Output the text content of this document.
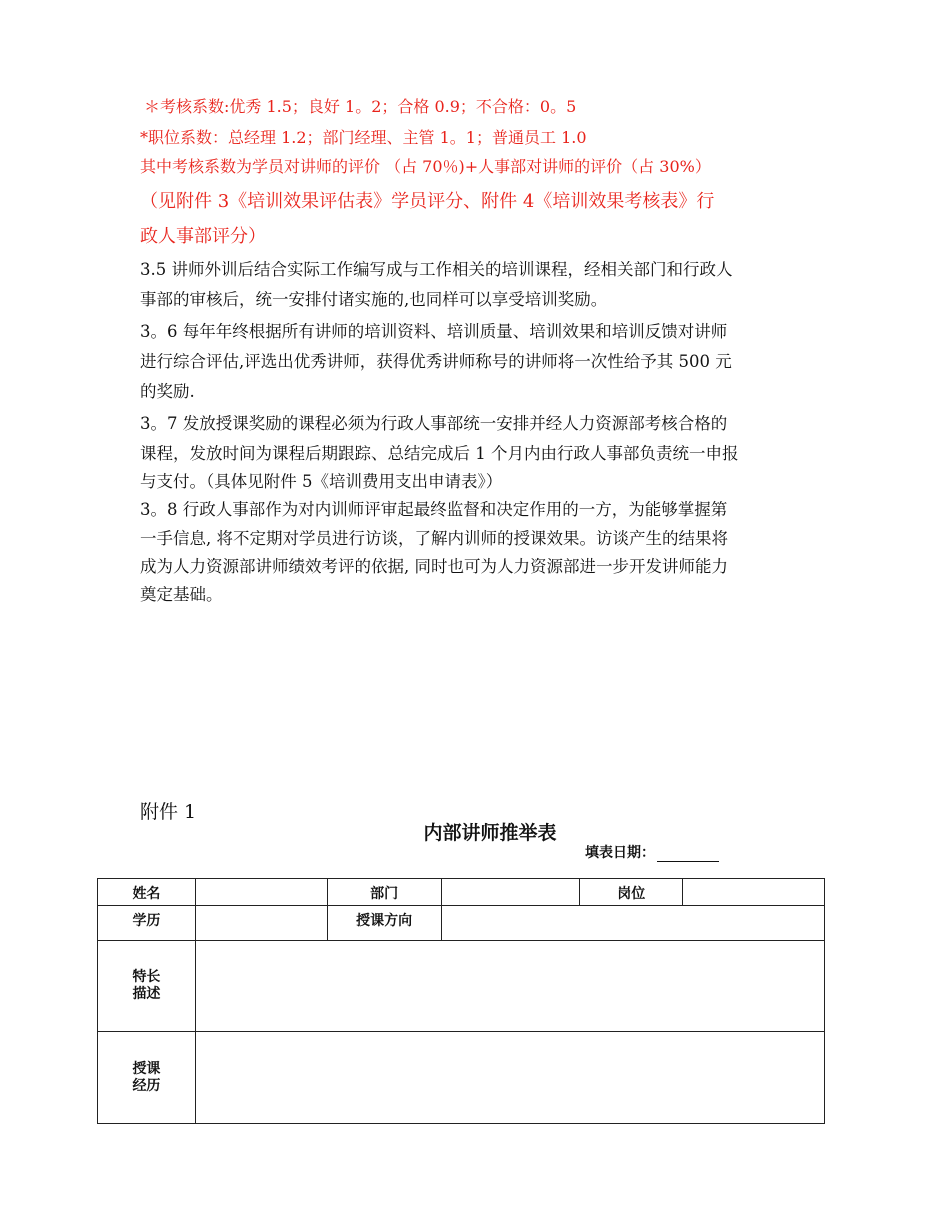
＊考核系数:优秀 1.5；良好 1。2；合格 0.9；不合格：0。5
*职位系数：总经理 1.2；部门经理、主管 1。1；普通员工 1.0
其中考核系数为学员对讲师的评价 （占 70％)+人事部对讲师的评价（占 30%）
（见附件 3《培训效果评估表》学员评分、附件 4《培训效果考核表》行
政人事部评分）
3.5 讲师外训后结合实际工作编写成与工作相关的培训课程，经相关部门和行政人
事部的审核后，统一安排付诸实施的,也同样可以享受培训奖励。
3。6 每年年终根据所有讲师的培训资料、培训质量、培训效果和培训反馈对讲师
进行综合评估,评选出优秀讲师，获得优秀讲师称号的讲师将一次性给予其 500 元
的奖励.
3。7 发放授课奖励的课程必须为行政人事部统一安排并经人力资源部考核合格的
课程，发放时间为课程后期跟踪、总结完成后 1 个月内由行政人事部负责统一申报
与支付。（具体见附件 5《培训费用支出申请表》）
3。8 行政人事部作为对内训师评审起最终监督和决定作用的一方，为能够掌握第
一手信息, 将不定期对学员进行访谈，了解内训师的授课效果。访谈产生的结果将
成为人力资源部讲师绩效考评的依据, 同时也可为人力资源部进一步开发讲师能力
奠定基础。
附件 1
内部讲师推举表
填表日期：
姓名		部门		岗位	
学历		授课方向			
特长描述					
授课经历					
